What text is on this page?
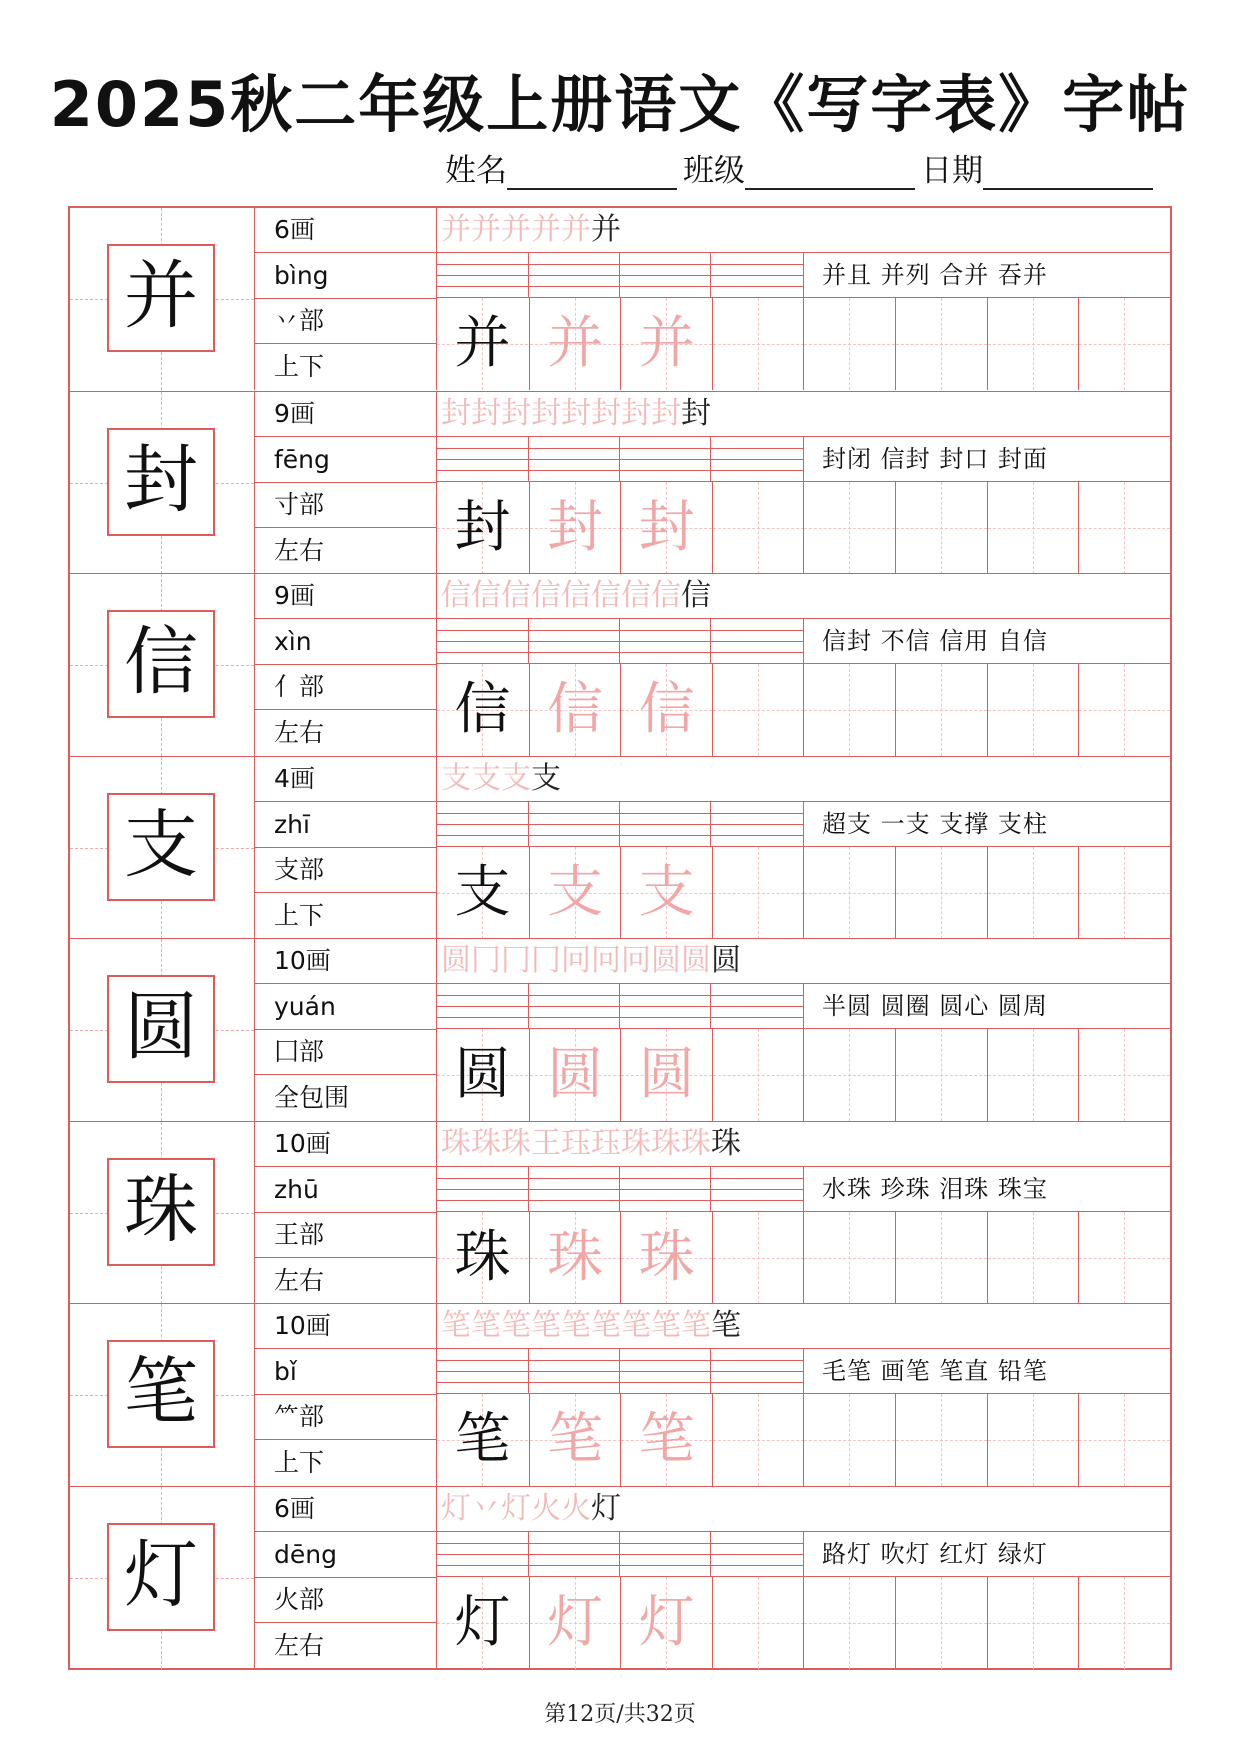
2025秋二年级上册语文《写字表》字帖
姓名	班级	日期
并
6画
bìng
丷部
上下
并并并并并并
并且 并列 合并 吞并
并 并 并
封
9画
fēng
寸部
左右
封封封封封封封封封
封闭 信封 封口 封面
封 封 封
信
9画
xìn
亻部
左右
信信信信信信信信信
信封 不信 信用 自信
信 信 信
支
4画
zhī
支部
上下
支支支支
超支 一支 支撑 支柱
支 支 支
圆
10画
yuán
囗部
全包围
圆冂冂冂冋冋冋圆圆圆
半圆 圆圈 圆心 圆周
圆 圆 圆
珠
10画
zhū
王部
左右
珠珠珠王珏珏珠珠珠珠
水珠 珍珠 泪珠 珠宝
珠 珠 珠
笔
10画
bǐ
⺮部
上下
笔笔笔笔笔笔笔笔笔笔
毛笔 画笔 笔直 铅笔
笔 笔 笔
灯
6画
dēng
火部
左右
灯丷灯火火灯
路灯 吹灯 红灯 绿灯
灯 灯 灯
第12页/共32页
